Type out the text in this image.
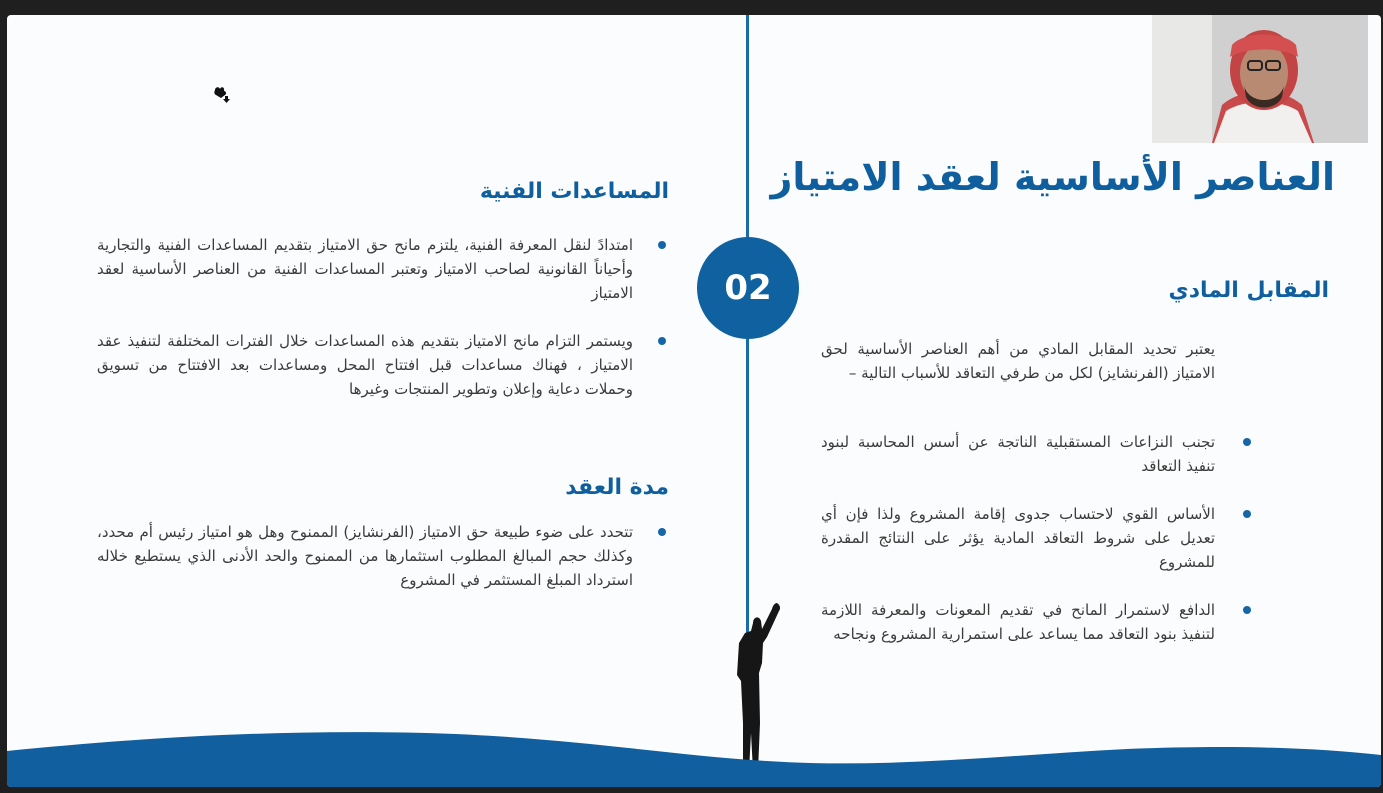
02
العناصر الأساسية لعقد الامتياز
المقابل المادي

يعتبر تحديد المقابل المادي من أهم العناصر الأساسية لحق الامتياز (الفرنشايز) لكل من طرفي التعاقد للأسباب التالية –

تجنب النزاعات المستقبلية الناتجة عن أسس المحاسبة لبنود تنفيذ التعاقد
الأساس القوي لاحتساب جدوى إقامة المشروع ولذا فإن أي تعديل على شروط التعاقد المادية يؤثر على النتائج المقدرة للمشروع
الدافع لاستمرار المانح في تقديم المعونات والمعرفة اللازمة لتنفيذ بنود التعاقد مما يساعد على استمرارية المشروع ونجاحه
المساعدات الفنية
امتدادً لنقل المعرفة الفنية، يلتزم مانح حق الامتياز بتقديم المساعدات الفنية والتجارية وأحياناً القانونية لصاحب الامتياز وتعتبر المساعدات الفنية من العناصر الأساسية لعقد الامتياز
ويستمر التزام مانح الامتياز بتقديم هذه المساعدات خلال الفترات المختلفة لتنفيذ عقد الامتياز ، فهناك مساعدات قبل افتتاح المحل ومساعدات بعد الافتتاح من تسويق وحملات دعاية وإعلان وتطوير المنتجات وغيرها
مدة العقد
تتحدد على ضوء طبيعة حق الامتياز (الفرنشايز) الممنوح وهل هو امتياز رئيس أم محدد، وكذلك حجم المبالغ المطلوب استثمارها من الممنوح والحد الأدنى الذي يستطيع خلاله استرداد المبلغ المستثمر في المشروع
